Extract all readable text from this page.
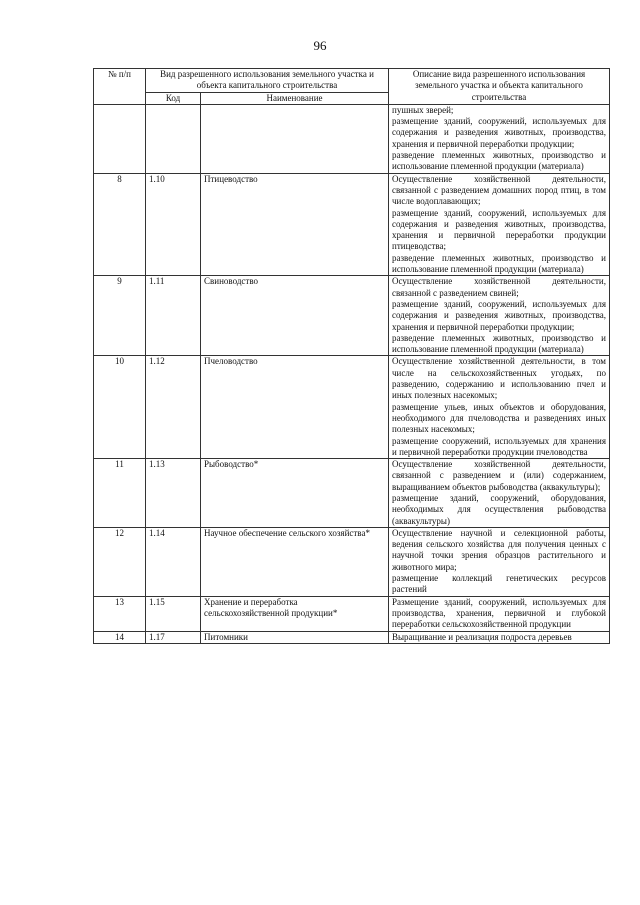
96
№ п/п	Вид разрешенного использования земельного участка и объекта капитального строительства		Описание вида разрешенного использования земельного участка и объекта капитального строительства
	Код	Наименование	

			пушных зверей;
размещение зданий, сооружений, используемых для содержания и разведения животных, производства, хранения и первичной переработки продукции;
разведение племенных животных, производство и использование племенной продукции (материала)

8	1.10	Птицеводство	Осуществление хозяйственной деятельности, связанной с разведением домашних пород птиц, в том числе водоплавающих;
размещение зданий, сооружений, используемых для содержания и разведения животных, производства, хранения и первичной переработки продукции птицеводства;
разведение племенных животных, производство и использование племенной продукции (материала)

9	1.11	Свиноводство	Осуществление хозяйственной деятельности, связанной с разведением свиней;
размещение зданий, сооружений, используемых для содержания и разведения животных, производства, хранения и первичной переработки продукции;
разведение племенных животных, производство и использование племенной продукции (материала)

10	1.12	Пчеловодство	Осуществление хозяйственной деятельности, в том числе на сельскохозяйственных угодьях, по разведению, содержанию и использованию пчел и иных полезных насекомых;
размещение ульев, иных объектов и оборудования, необходимого для пчеловодства и разведениях иных полезных насекомых;
размещение сооружений, используемых для хранения и первичной переработки продукции пчеловодства

11	1.13	Рыбоводство*	Осуществление хозяйственной деятельности, связанной с разведением и (или) содержанием, выращиванием объектов рыбоводства (аквакультуры);
размещение зданий, сооружений, оборудования, необходимых для осуществления рыбоводства (аквакультуры)

12	1.14	Научное обеспечение сельского хозяйства*	Осуществление научной и селекционной работы, ведения сельского хозяйства для получения ценных с научной точки зрения образцов растительного и животного мира;
размещение коллекций генетических ресурсов растений

13	1.15	Хранение и переработка сельскохозяйственной продукции*	Размещение зданий, сооружений, используемых для производства, хранения, первичной и глубокой переработки сельскохозяйственной продукции

14	1.17	Питомники	Выращивание и реализация подроста деревьев
